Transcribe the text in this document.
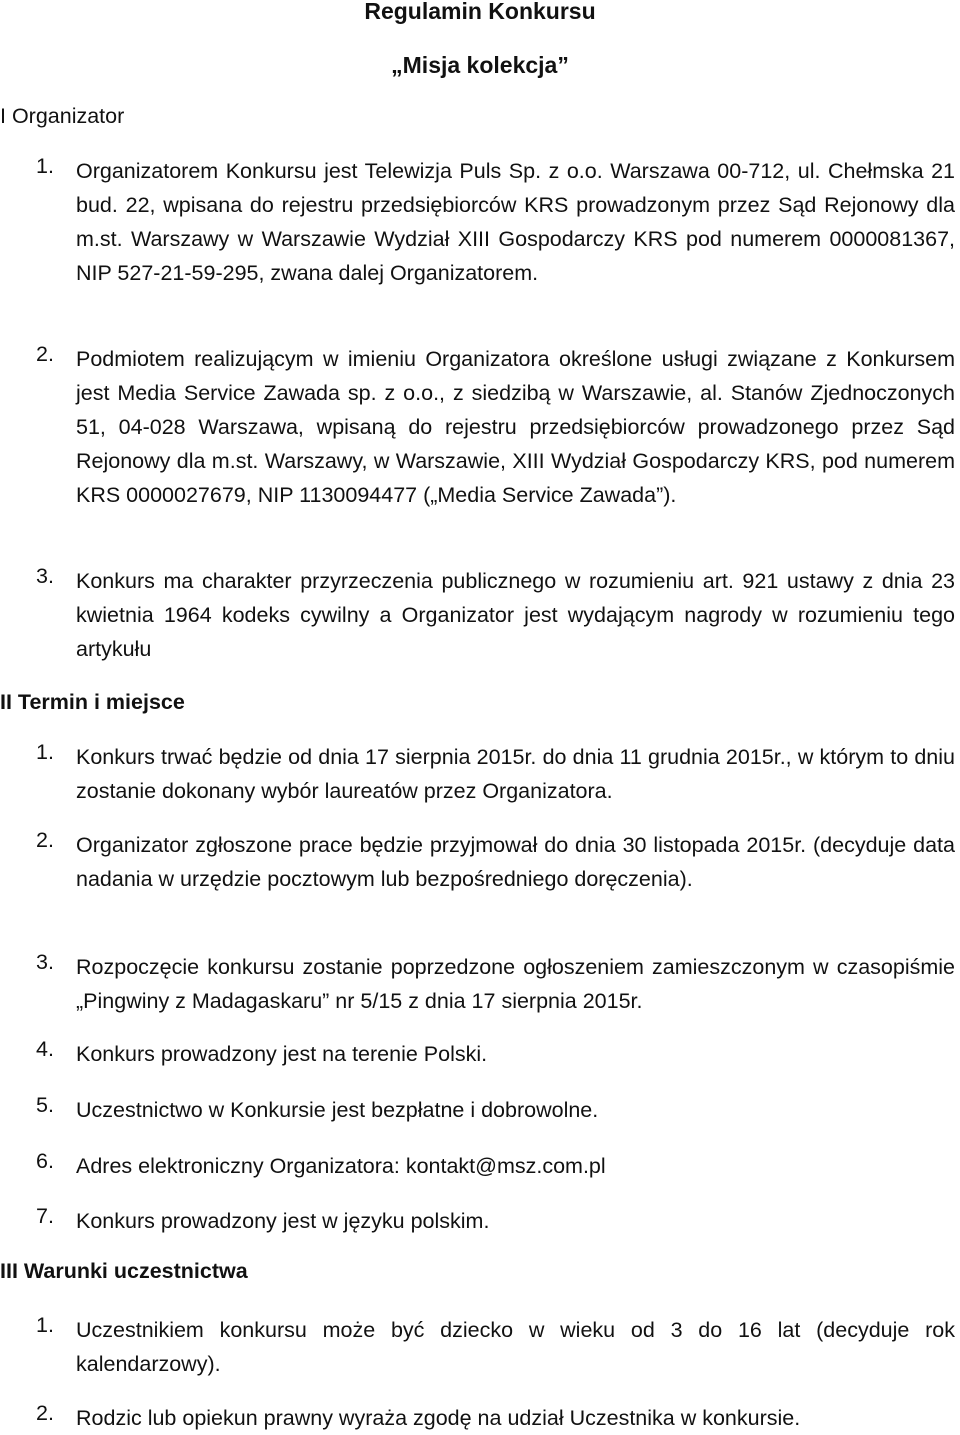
Regulamin Konkursu
„Misja kolekcja”
I Organizator
1. Organizatorem Konkursu jest Telewizja Puls Sp. z o.o. Warszawa 00-712, ul. Chełmska 21 bud. 22, wpisana do rejestru przedsiębiorców KRS prowadzonym przez Sąd Rejonowy dla m.st. Warszawy w Warszawie Wydział XIII Gospodarczy KRS pod numerem 0000081367, NIP 527-21-59-295, zwana dalej Organizatorem.
2. Podmiotem realizującym w imieniu Organizatora określone usługi związane z Konkursem jest Media Service Zawada sp. z o.o., z siedzibą w Warszawie, al. Stanów Zjednoczonych 51, 04-028 Warszawa, wpisaną do rejestru przedsiębiorców prowadzonego przez Sąd Rejonowy dla m.st. Warszawy, w Warszawie, XIII Wydział Gospodarczy KRS, pod numerem KRS 0000027679, NIP 1130094477 („Media Service Zawada”).
3. Konkurs ma charakter przyrzeczenia publicznego w rozumieniu art. 921 ustawy z dnia 23 kwietnia 1964 kodeks cywilny a Organizator jest wydającym nagrody w rozumieniu tego artykułu
II Termin i miejsce
1. Konkurs trwać będzie od dnia 17 sierpnia 2015r. do dnia 11 grudnia 2015r., w którym to dniu zostanie dokonany wybór laureatów przez Organizatora.
2. Organizator zgłoszone prace będzie przyjmował do dnia 30 listopada 2015r. (decyduje data nadania w urzędzie pocztowym lub bezpośredniego doręczenia).
3. Rozpoczęcie konkursu zostanie poprzedzone ogłoszeniem zamieszczonym w czasopiśmie „Pingwiny z Madagaskaru” nr 5/15 z dnia 17 sierpnia 2015r.
4. Konkurs prowadzony jest na terenie Polski.
5. Uczestnictwo w Konkursie jest bezpłatne i dobrowolne.
6. Adres elektroniczny Organizatora: kontakt@msz.com.pl
7. Konkurs prowadzony jest w języku polskim.
III Warunki uczestnictwa
1. Uczestnikiem konkursu może być dziecko w wieku od 3 do 16 lat (decyduje rok kalendarzowy).
2. Rodzic lub opiekun prawny wyraża zgodę na udział Uczestnika w konkursie.
